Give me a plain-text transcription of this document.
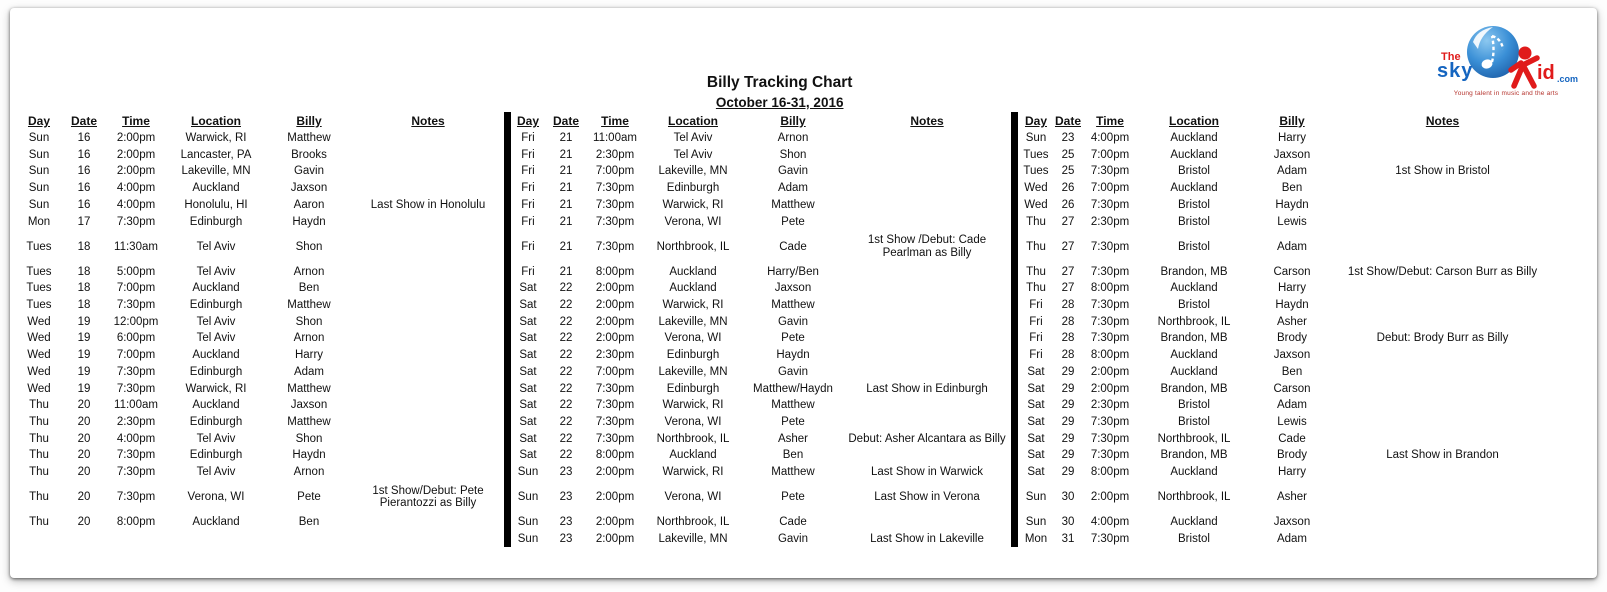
Billy Tracking Chart
October 16-31, 2016
The
sky	id .com
Young talent in music and the arts
Day	Date	Time	Location	Billy	Notes
Sun	16	2:00pm	Warwick, RI	Matthew
Sun	16	2:00pm	Lancaster, PA	Brooks
Sun	16	2:00pm	Lakeville, MN	Gavin
Sun	16	4:00pm	Auckland	Jaxson
Sun	16	4:00pm	Honolulu, HI	Aaron	Last Show in Honolulu
Mon	17	7:30pm	Edinburgh	Haydn
Tues	18	11:30am	Tel Aviv	Shon
Tues	18	5:00pm	Tel Aviv	Arnon
Tues	18	7:00pm	Auckland	Ben
Tues	18	7:30pm	Edinburgh	Matthew
Wed	19	12:00pm	Tel Aviv	Shon
Wed	19	6:00pm	Tel Aviv	Arnon
Wed	19	7:00pm	Auckland	Harry
Wed	19	7:30pm	Edinburgh	Adam
Wed	19	7:30pm	Warwick, RI	Matthew
Thu	20	11:00am	Auckland	Jaxson
Thu	20	2:30pm	Edinburgh	Matthew
Thu	20	4:00pm	Tel Aviv	Shon
Thu	20	7:30pm	Edinburgh	Haydn
Thu	20	7:30pm	Tel Aviv	Arnon
Thu	20	7:30pm	Verona, WI	Pete
1st Show/Debut: Pete Pierantozzi as Billy
Thu	20	8:00pm	Auckland	Ben
Day	Date	Time	Location	Billy	Notes
Fri	21	11:00am	Tel Aviv	Arnon
Fri	21	2:30pm	Tel Aviv	Shon
Fri	21	7:00pm	Lakeville, MN	Gavin
Fri	21	7:30pm	Edinburgh	Adam
Fri	21	7:30pm	Warwick, RI	Matthew
Fri	21	7:30pm	Verona, WI	Pete
Fri	21	7:30pm	Northbrook, IL	Cade
1st Show /Debut: Cade Pearlman as Billy
Fri	21	8:00pm	Auckland	Harry/Ben
Sat	22	2:00pm	Auckland	Jaxson
Sat	22	2:00pm	Warwick, RI	Matthew
Sat	22	2:00pm	Lakeville, MN	Gavin
Sat	22	2:00pm	Verona, WI	Pete
Sat	22	2:30pm	Edinburgh	Haydn
Sat	22	7:00pm	Lakeville, MN	Gavin
Sat	22	7:30pm	Edinburgh	Matthew/Haydn	Last Show in Edinburgh
Sat	22	7:30pm	Warwick, RI	Matthew
Sat	22	7:30pm	Verona, WI	Pete
Sat	22	7:30pm	Northbrook, IL	Asher	Debut: Asher Alcantara as Billy
Sat	22	8:00pm	Auckland	Ben
Sun	23	2:00pm	Warwick, RI	Matthew	Last Show in Warwick
Sun	23	2:00pm	Verona, WI	Pete	Last Show in Verona
Sun	23	2:00pm	Northbrook, IL	Cade
Sun	23	2:00pm	Lakeville, MN	Gavin	Last Show in Lakeville
Day Date	Time	Location	Billy	Notes
Sun	23	4:00pm	Auckland	Harry
Tues	25	7:00pm	Auckland	Jaxson
Tues	25	7:30pm	Bristol	Adam	1st Show in Bristol
Wed	26	7:00pm	Auckland	Ben
Wed	26	7:30pm	Bristol	Haydn
Thu	27	2:30pm	Bristol	Lewis
Thu	27	7:30pm	Bristol	Adam
Thu	27	7:30pm	Brandon, MB	Carson	1st Show/Debut: Carson Burr as Billy
Thu	27	8:00pm	Auckland	Harry
Fri	28	7:30pm	Bristol	Haydn
Fri	28	7:30pm	Northbrook, IL	Asher
Fri	28	7:30pm	Brandon, MB	Brody	Debut: Brody Burr as Billy
Fri	28	8:00pm	Auckland	Jaxson
Sat	29	2:00pm	Auckland	Ben
Sat	29	2:00pm	Brandon, MB	Carson
Sat	29	2:30pm	Bristol	Adam
Sat	29	7:30pm	Bristol	Lewis
Sat	29	7:30pm	Northbrook, IL	Cade
Sat	29	7:30pm	Brandon, MB	Brody	Last Show in Brandon
Sat	29	8:00pm	Auckland	Harry
Sun	30	2:00pm	Northbrook, IL	Asher
Sun	30	4:00pm	Auckland	Jaxson
Mon	31	7:30pm	Bristol	Adam
